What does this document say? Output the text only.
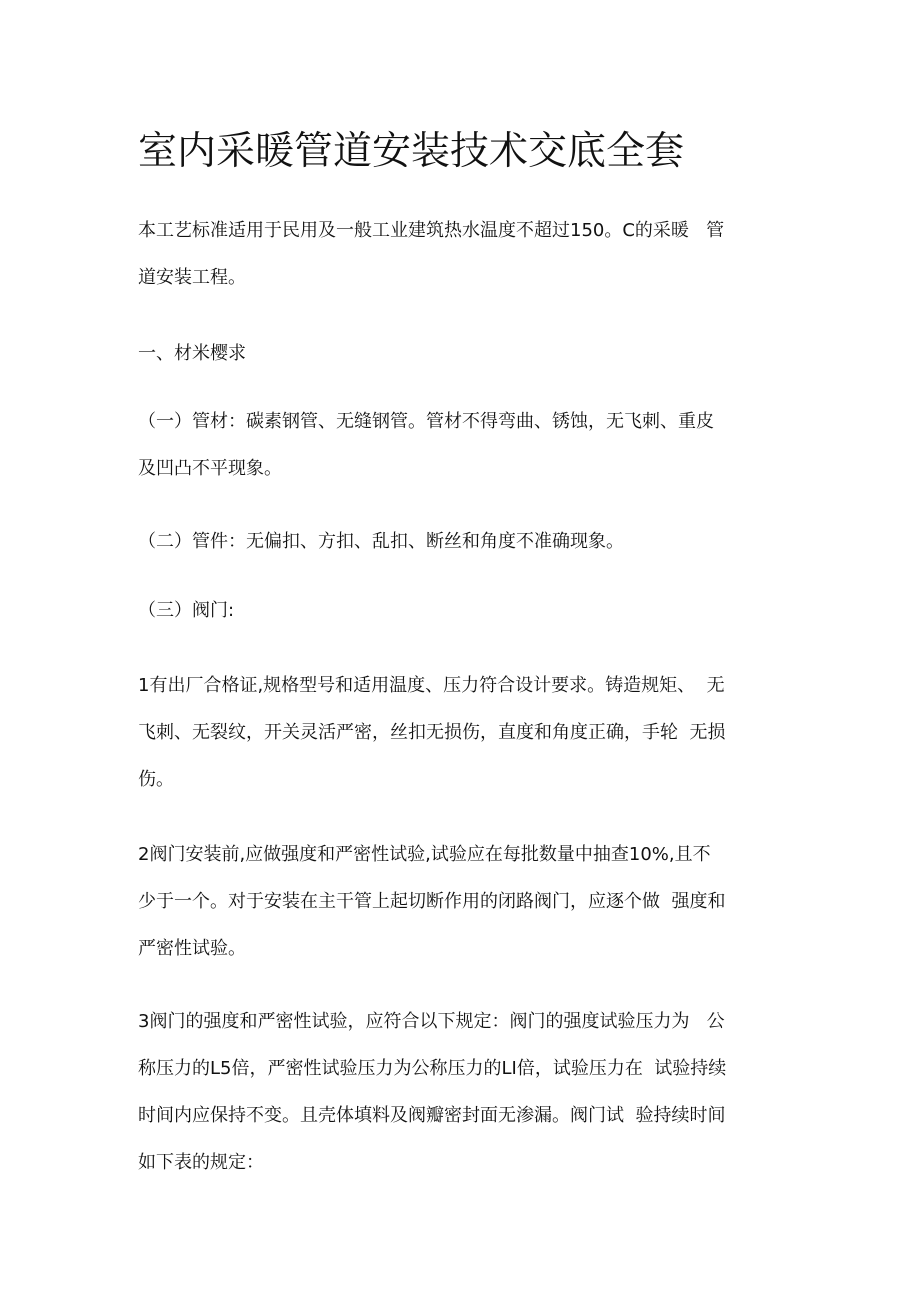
室内采暖管道安装技术交底全套
本工艺标准适用于民用及一般工业建筑热水温度不超过150。C的采暖   管
道安装工程。
一、材米樱求
（一）管材：碳素钢管、无缝钢管。管材不得弯曲、锈蚀，无飞刺、重皮
及凹凸不平现象。
（二）管件：无偏扣、方扣、乱扣、断丝和角度不准确现象。
（三）阀门:
1有出厂合格证,规格型号和适用温度、压力符合设计要求。铸造规矩、  无
飞刺、无裂纹，开关灵活严密，丝扣无损伤，直度和角度正确，手轮  无损
伤。
2阀门安装前,应做强度和严密性试验,试验应在每批数量中抽查10%,且不
少于一个。对于安装在主干管上起切断作用的闭路阀门，应逐个做  强度和
严密性试验。
3阀门的强度和严密性试验，应符合以下规定：阀门的强度试验压力为   公
称压力的L5倍，严密性试验压力为公称压力的LI倍，试验压力在  试验持续
时间内应保持不变。且壳体填料及阀瓣密封面无渗漏。阀门试  验持续时间
如下表的规定：
